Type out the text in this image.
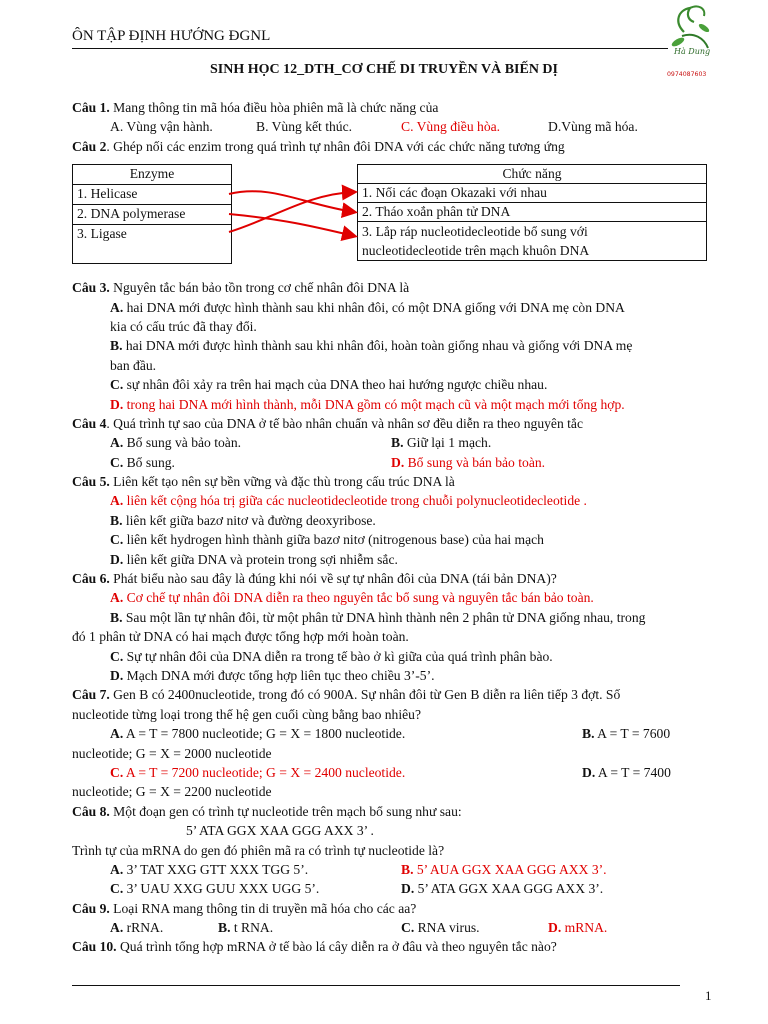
ÔN TẬP ĐỊNH HƯỚNG ĐGNL
Hà Dung
0974087603
SINH HỌC 12_DTH_CƠ CHẾ DI TRUYỀN VÀ BIẾN DỊ
Câu 1. Mang thông tin mã hóa điều hòa phiên mã là chức năng của
A. Vùng vận hành.	B. Vùng kết thúc.	C. Vùng điều hòa.	D.Vùng mã hóa.
Câu 2. Ghép nối các enzim trong quá trình tự nhân đôi DNA với các chức năng tương ứng
Enzyme
1. Helicase
2. DNA polymerase
3. Ligase
Chức năng
1. Nối các đoạn Okazaki với nhau
2. Tháo xoắn phân tử DNA
3. Lắp ráp nucleotidecleotide bổ sung với
nucleotidecleotide trên mạch khuôn DNA
Câu 3. Nguyên tắc bán bảo tồn trong cơ chế nhân đôi DNA là
A. hai DNA mới được hình thành sau khi nhân đôi, có một DNA giống với DNA mẹ còn DNA
kia có cấu trúc đã thay đổi.
B. hai DNA mới được hình thành sau khi nhân đôi, hoàn toàn giống nhau và giống với DNA mẹ
ban đầu.
C. sự nhân đôi xảy ra trên hai mạch của DNA theo hai hướng ngược chiều nhau.
D. trong hai DNA mới hình thành, mỗi DNA gồm có một mạch cũ và một mạch mới tổng hợp.
Câu 4. Quá trình tự sao của DNA ở tế bào nhân chuẩn và nhân sơ đều diễn ra theo nguyên tắc
A. Bổ sung và bảo toàn.	B. Giữ lại 1 mạch.
C. Bổ sung.	D. Bổ sung và bán bảo toàn.
Câu 5. Liên kết tạo nên sự bền vững và đặc thù trong cấu trúc DNA là
A. liên kết cộng hóa trị giữa các nucleotidecleotide trong chuỗi polynucleotidecleotide .
B. liên kết giữa bazơ nitơ và đường deoxyribose.
C. liên kết hydrogen hình thành giữa bazơ nitơ (nitrogenous base) của hai mạch
D. liên kết giữa DNA và protein trong sợi nhiễm sắc.
Câu 6. Phát biểu nào sau đây là đúng khi nói về sự tự nhân đôi của DNA (tái bản DNA)?
A. Cơ chế tự nhân đôi DNA diễn ra theo nguyên tắc bổ sung và nguyên tắc bán bảo toàn.
B. Sau một lần tự nhân đôi, từ một phân tử DNA hình thành nên 2 phân tử DNA giống nhau, trong
đó 1 phân tử DNA có hai mạch được tổng hợp mới hoàn toàn.
C. Sự tự nhân đôi của DNA diễn ra trong tế bào ở kì giữa của quá trình phân bào.
D. Mạch DNA mới được tổng hợp liên tục theo chiều 3’-5’.
Câu 7. Gen B có 2400nucleotide, trong đó có 900A. Sự nhân đôi từ Gen B diễn ra liên tiếp 3 đợt. Số
nucleotide từng loại trong thế hệ gen cuối cùng bằng bao nhiêu?
A. A = T = 7800 nucleotide; G = X = 1800 nucleotide.	B. A = T = 7600
nucleotide; G = X = 2000 nucleotide
C. A = T = 7200 nucleotide; G = X = 2400 nucleotide.	D. A = T = 7400
nucleotide; G = X = 2200 nucleotide
Câu 8. Một đoạn gen có trình tự nucleotide trên mạch bổ sung như sau:
5’ ATA GGX XAA GGG AXX 3’ .
Trình tự của mRNA do gen đó phiên mã ra có trình tự nucleotide là?
A. 3’ TAT XXG GTT XXX TGG 5’.	B. 5’ AUA GGX XAA GGG AXX 3’.
C. 3’ UAU XXG GUU XXX UGG 5’.	D. 5’ ATA GGX XAA GGG AXX 3’.
Câu 9. Loại RNA mang thông tin di truyền mã hóa cho các aa?
A. rRNA.	B. t RNA.	C. RNA virus.	D. mRNA.
Câu 10. Quá trình tổng hợp mRNA ở tế bào lá cây diễn ra ở đâu và theo nguyên tắc nào?
1
